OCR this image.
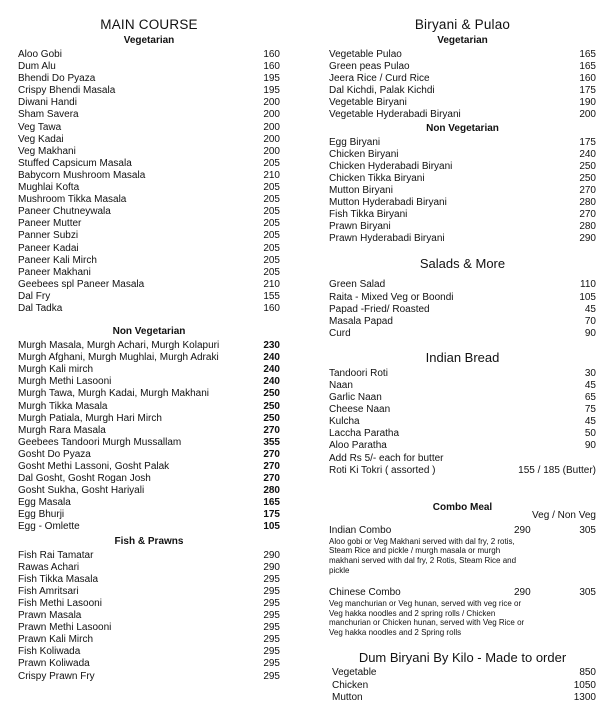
MAIN COURSE
Vegetarian
Aloo Gobi	160
Dum Alu	160
Bhendi Do Pyaza	195
Crispy Bhendi Masala	195
Diwani Handi	200
Sham Savera	200
Veg Tawa	200
Veg Kadai	200
Veg Makhani	200
Stuffed Capsicum Masala	205
Babycorn Mushroom Masala	210
Mughlai Kofta	205
Mushroom Tikka Masala	205
Paneer Chutneywala	205
Paneer Mutter	205
Panner Subzi	205
Paneer Kadai	205
Paneer Kali Mirch	205
Paneer Makhani	205
Geebees spl Paneer Masala	210
Dal Fry	155
Dal Tadka	160
Non Vegetarian
Murgh Masala, Murgh Achari, Murgh Kolapuri	230
Murgh Afghani, Murgh Mughlai, Murgh Adraki	240
Murgh Kali mirch	240
Murgh Methi Lasooni	240
Murgh Tawa, Murgh Kadai, Murgh Makhani	250
Murgh Tikka Masala	250
Murgh Patiala, Murgh Hari Mirch	250
Murgh Rara Masala	270
Geebees Tandoori Murgh Mussallam	355
Gosht Do Pyaza	270
Gosht Methi Lassoni, Gosht Palak	270
Dal Gosht, Gosht Rogan Josh	270
Gosht Sukha, Gosht Hariyali	280
Egg Masala	165
Egg Bhurji	175
Egg - Omlette	105
Fish & Prawns
Fish Rai Tamatar	290
Rawas Achari	290
Fish Tikka Masala	295
Fish Amritsari	295
Fish Methi Lasooni	295
Prawn Masala	295
Prawn Methi Lasooni	295
Prawn Kali Mirch	295
Fish Koliwada	295
Prawn Koliwada	295
Crispy Prawn Fry	295
Biryani & Pulao
Vegetarian
Vegetable Pulao	165
Green peas Pulao	165
Jeera Rice / Curd Rice	160
Dal Kichdi, Palak Kichdi	175
Vegetable Biryani	190
Vegetable Hyderabadi Biryani	200
Non Vegetarian
Egg Biryani	175
Chicken Biryani	240
Chicken Hyderabadi Biryani	250
Chicken Tikka Biryani	250
Mutton Biryani	270
Mutton Hyderabadi Biryani	280
Fish Tikka Biryani	270
Prawn Biryani	280
Prawn Hyderabadi Biryani	290
Salads & More
Green Salad	110
Raita - Mixed Veg or Boondi	105
Papad -Fried/ Roasted	45
Masala Papad	70
Curd	90
Indian Bread
Tandoori Roti	30
Naan	45
Garlic Naan	65
Cheese Naan	75
Kulcha	45
Laccha Paratha	50
Aloo Paratha	90
Add Rs 5/- each for butter
Roti Ki Tokri ( assorted )	155 / 185 (Butter)
Combo Meal
Veg / Non Veg
Indian Combo
Aloo gobi or Veg Makhani served with dal fry, 2 rotis, Steam Rice and pickle / murgh masala or murgh makhani served with dal fry, 2 Rotis, Steam Rice and pickle
290	305
Chinese Combo
Veg manchurian or Veg hunan, served with veg rice or Veg hakka noodles and 2 spring rolls / Chicken manchurian or Chicken hunan, served with Veg Rice or Veg hakka noodles and 2 Spring rolls
290	305
Dum Biryani By Kilo - Made to order
Vegetable	850
Chicken	1050
Mutton	1300
